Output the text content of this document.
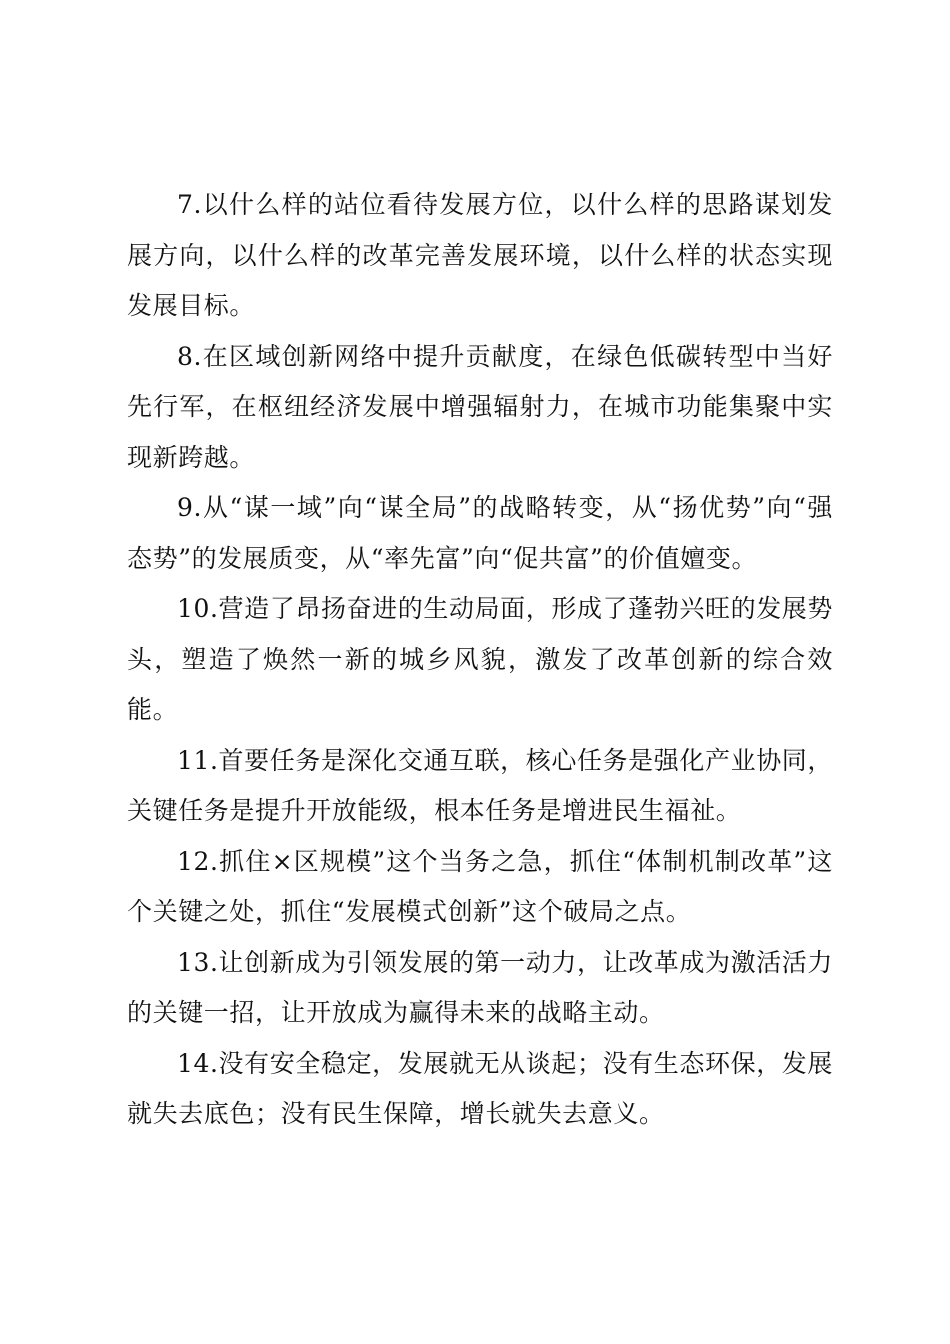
7.以什么样的站位看待发展方位，以什么样的思路谋划发展方向，以什么样的改革完善发展环境，以什么样的状态实现发展目标。

8.在区域创新网络中提升贡献度，在绿色低碳转型中当好先行军，在枢纽经济发展中增强辐射力，在城市功能集聚中实现新跨越。

9.从“谋一域”向“谋全局”的战略转变，从“扬优势”向“强态势”的发展质变，从“率先富”向“促共富”的价值嬗变。

10.营造了昂扬奋进的生动局面，形成了蓬勃兴旺的发展势头，塑造了焕然一新的城乡风貌，激发了改革创新的综合效能。

11.首要任务是深化交通互联，核心任务是强化产业协同，关键任务是提升开放能级，根本任务是增进民生福祉。

12.抓住×区规模”这个当务之急，抓住“体制机制改革”这个关键之处，抓住“发展模式创新”这个破局之点。

13.让创新成为引领发展的第一动力，让改革成为激活活力的关键一招，让开放成为赢得未来的战略主动。

14.没有安全稳定，发展就无从谈起；没有生态环保，发展就失去底色；没有民生保障，增长就失去意义。
